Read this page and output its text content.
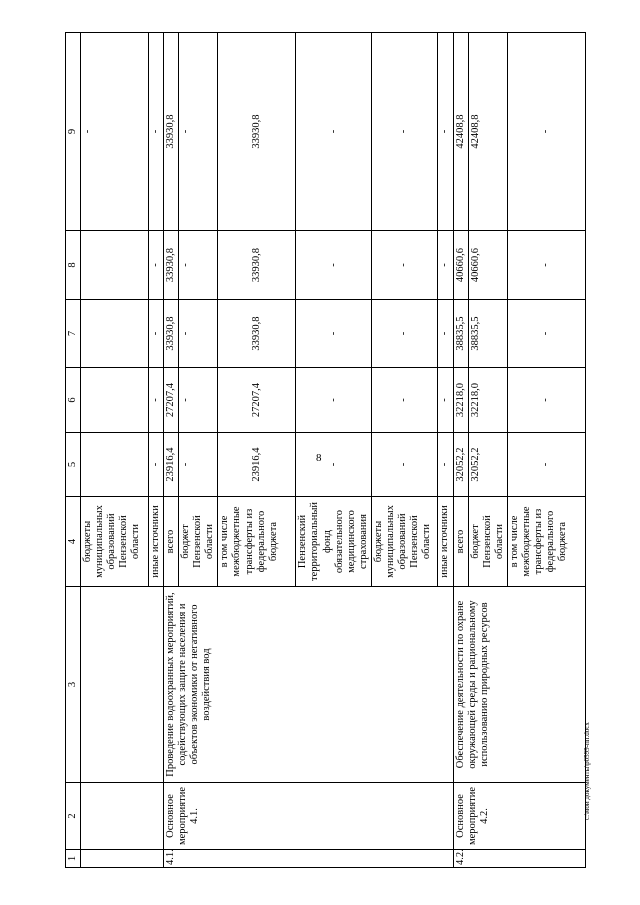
8
c:\мои документы\р0599-пп.docx
1	2	3	4	5	6	7	8	9
			бюджеты муниципальных образований Пензенской области					-
			иные источники	-	-	-	-	-
4.1.	Основное мероприятие 4.1.	Проведение водоохранных мероприятий, содействующих защите населения и объектов экономики от негативного воздействия вод	всего	23916,4	27207,4	33930,8	33930,8	33930,8
			бюджет Пензенской области	-	-	-	-	-
			в том числе межбюджетные трансферты из федерального бюджета	23916,4	27207,4	33930,8	33930,8	33930,8
			Пензенский территориальный фонд обязательного медицинского страхования	-	-	-	-	-
			бюджеты муниципальных образований Пензенской области	-	-	-	-	-
			иные источники	-	-	-	-	-
4.2.	Основное мероприятие 4.2.	Обеспечение деятельности по охране окружающей среды и рациональному использованию природных ресурсов	всего	32052,2	32218,0	38835,5	40660,6	42408,8
			бюджет Пензенской области	32052,2	32218,0	38835,5	40660,6	42408,8
			в том числе межбюджетные трансферты из федерального бюджета	-	-	-	-	-
